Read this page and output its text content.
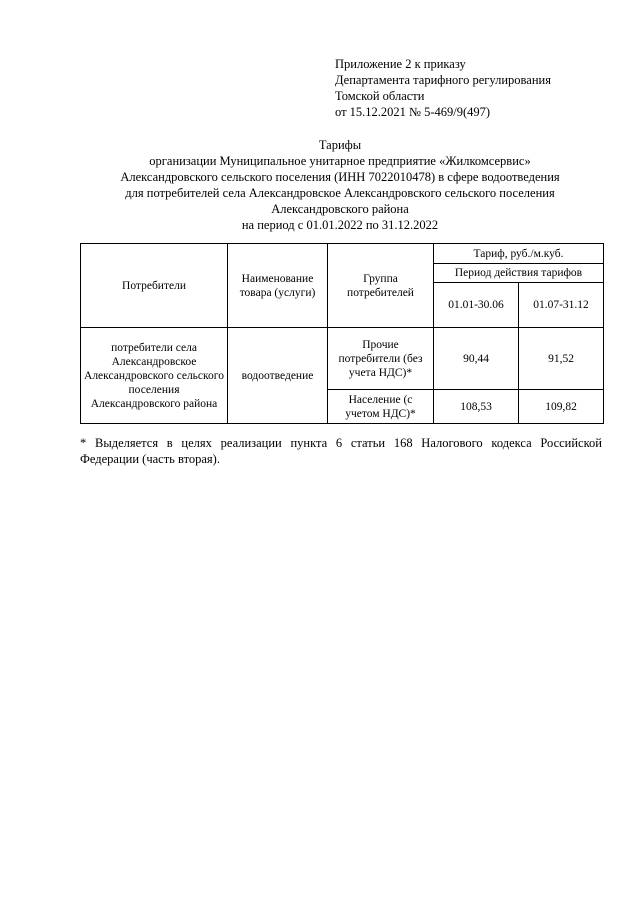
Приложение 2 к приказу
Департамента тарифного регулирования
Томской области
от 15.12.2021 № 5-469/9(497)
Тарифы
организации Муниципальное унитарное предприятие «Жилкомсервис»
Александровского сельского поселения (ИНН 7022010478) в сфере водоотведения
для потребителей села Александровское Александровского сельского поселения
Александровского района
на период с 01.01.2022 по 31.12.2022
Потребители	Наименование товара (услуги)	Группа потребителей	Тариф, руб./м.куб.	
			Период действия тарифов	
			01.01-30.06	01.07-31.12
потребители села Александровское Александровского сельского поселения Александровского района	водоотведение	Прочие потребители (без учета НДС)*	90,44	91,52
		Население (с учетом НДС)*	108,53	109,82
* Выделяется в целях реализации пункта 6 статьи 168 Налогового кодекса Российской
Федерации (часть вторая).
